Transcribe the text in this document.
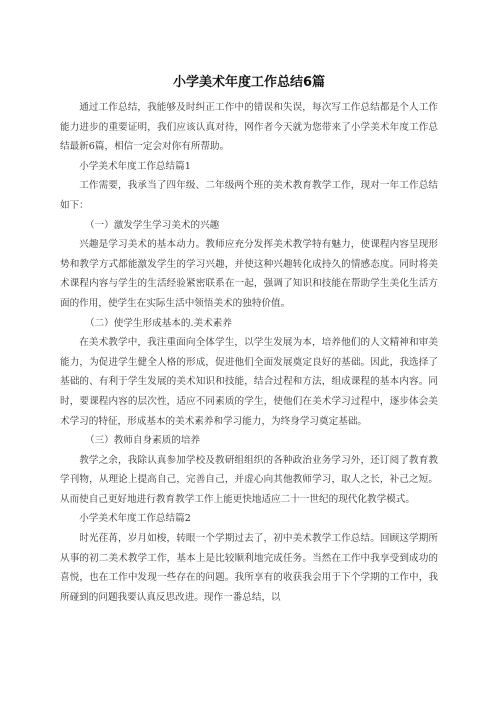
小学美术年度工作总结6篇

通过工作总结，我能够及时纠正工作中的错误和失误，每次写工作总结都是个人工作能力进步的重要证明，我们应该认真对待，网作者今天就为您带来了小学美术年度工作总结最新6篇，相信一定会对你有所帮助。

小学美术年度工作总结篇1

工作需要，我承当了四年级、二年级两个班的美术教育教学工作，现对一年工作总结如下：

（一）激发学生学习美术的兴趣

兴趣是学习美术的基本动力。教师应充分发挥美术教学特有魅力，使课程内容呈现形势和教学方式都能激发学生的学习兴趣，并使这种兴趣转化成持久的情感态度。同时将美术课程内容与学生的生活经验紧密联系在一起，强调了知识和技能在帮助学生美化生活方面的作用，使学生在实际生活中领悟美术的独特价值。

（二）使学生形成基本的.美术素养

在美术教学中，我注重面向全体学生，以学生发展为本，培养他们的人文精神和审美能力，为促进学生健全人格的形成，促进他们全面发展奠定良好的基础。因此，我选择了基础的、有利于学生发展的美术知识和技能，结合过程和方法，组成课程的基本内容。同时，要课程内容的层次性，适应不同素质的学生，使他们在美术学习过程中，逐步体会美术学习的特征，形成基本的美术素养和学习能力，为终身学习奠定基础。

（三）教师自身素质的培养

教学之余，我除认真参加学校及教研组组织的各种政治业务学习外，还订阅了教育教学刊物，从理论上提高自己，完善自己，并虚心向其他教师学习，取人之长，补己之短。从而使自己更好地进行教育教学工作上能更快地适应二十一世纪的现代化教学模式。

小学美术年度工作总结篇2

时光荏苒，岁月如梭，转眼一个学期过去了，初中美术教学工作总结。回顾这学期所从事的初二美术教学工作，基本上是比较顺利地完成任务。当然在工作中我享受到成功的喜悦，也在工作中发现一些存在的问题。我所享有的收获我会用于下个学期的工作中，我所碰到的问题我要认真反思改进。现作一番总结，以
